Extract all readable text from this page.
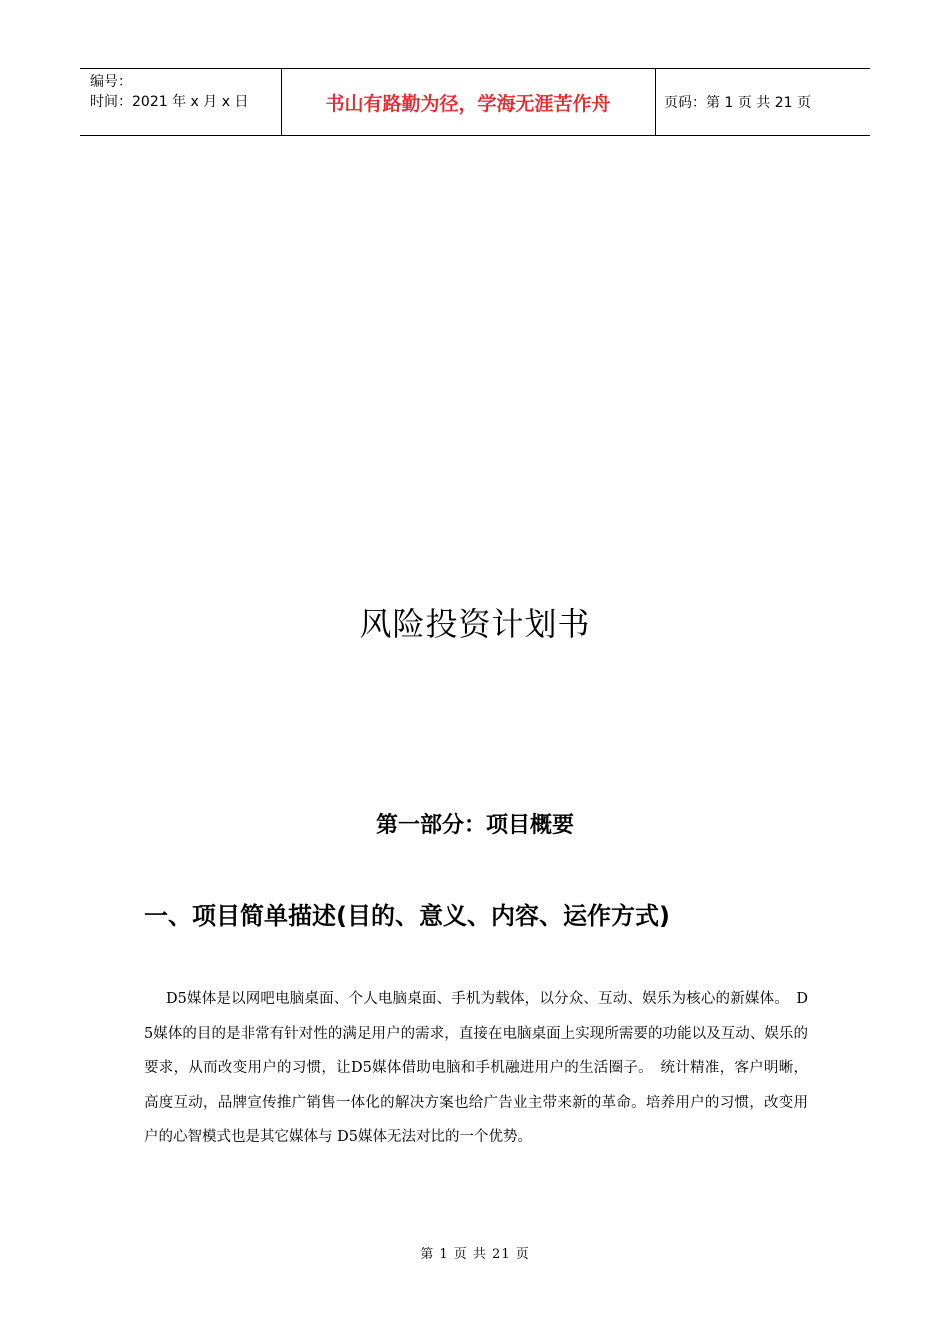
编号：
时间：2021 年 x 月 x 日	书山有路勤为径，学海无涯苦作舟	页码：第 1 页 共 21 页
风险投资计划书
第一部分：项目概要
一、项目简单描述(目的、意义、内容、运作方式)
D5媒体是以网吧电脑桌面、个人电脑桌面、手机为载体，以分众、互动、娱乐为核心的新媒体。　D5媒体的目的是非常有针对性的满足用户的需求，直接在电脑桌面上实现所需要的功能以及互动、娱乐的要求，从而改变用户的习惯，让D5媒体借助电脑和手机融进用户的生活圈子。　统计精准，客户明晰，高度互动，品牌宣传推广销售一体化的解决方案也给广告业主带来新的革命。培养用户的习惯，改变用户的心智模式也是其它媒体与 D5媒体无法对比的一个优势。
第 1 页 共 21 页
